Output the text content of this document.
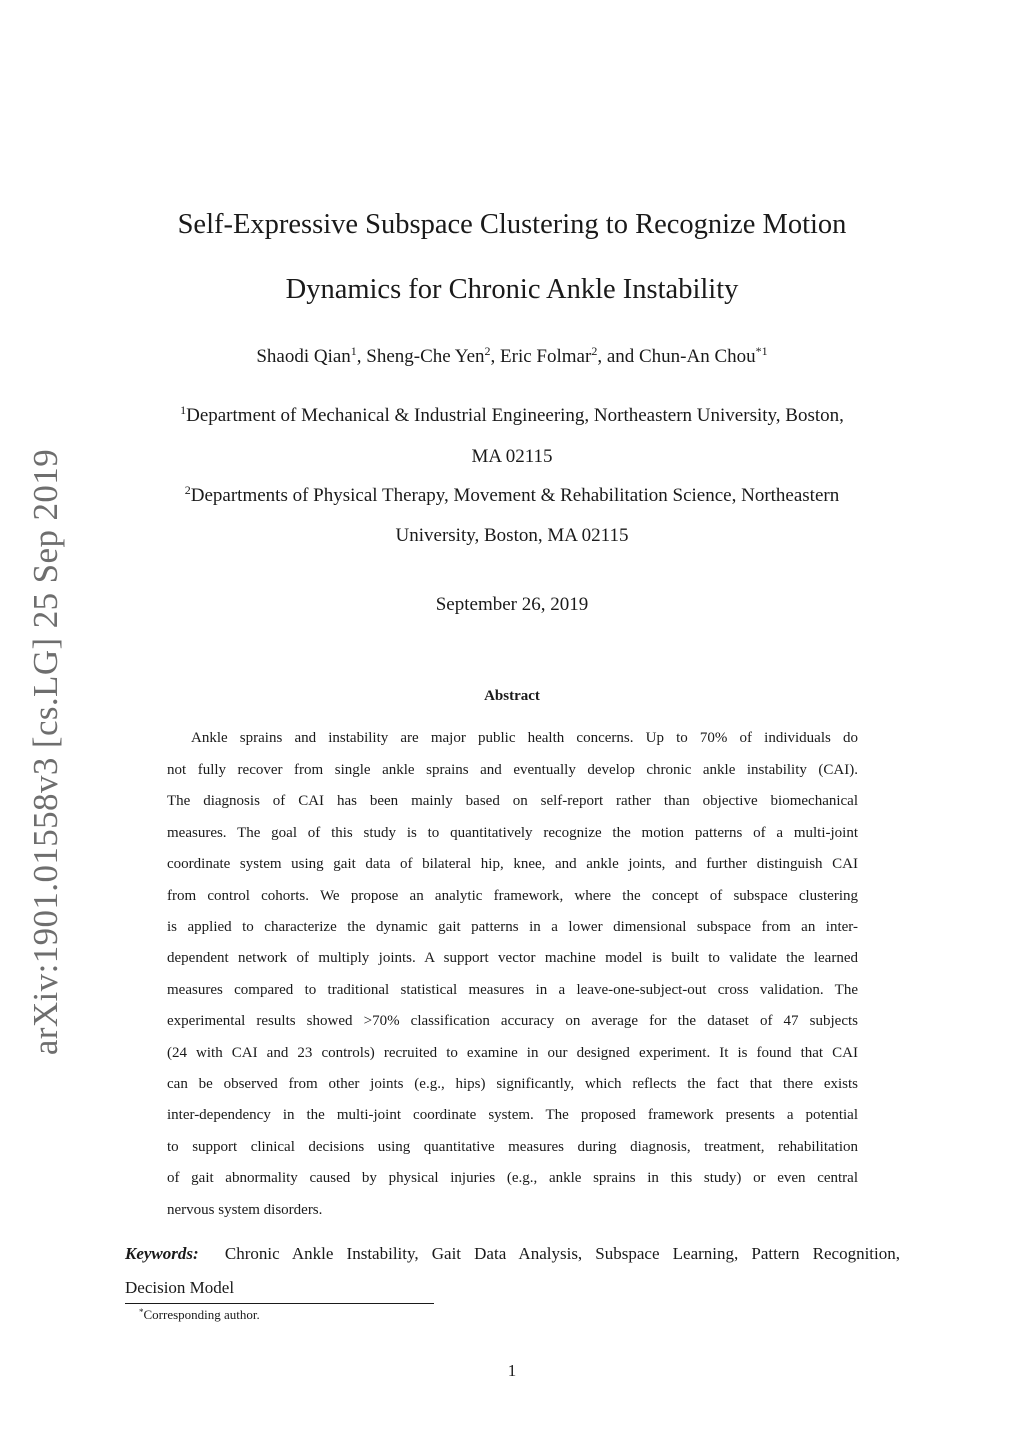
arXiv:1901.01558v3 [cs.LG] 25 Sep 2019
Self-Expressive Subspace Clustering to Recognize Motion
Dynamics for Chronic Ankle Instability
Shaodi Qian$^1$, Sheng-Che Yen$^2$, Eric Folmar$^2$, and Chun-An Chou$^{*1}$
$^1$Department of Mechanical & Industrial Engineering, Northeastern University, Boston,
MA 02115
$^2$Departments of Physical Therapy, Movement & Rehabilitation Science, Northeastern
University, Boston, MA 02115
September 26, 2019
Abstract
Ankle sprains and instability are major public health concerns. Up to 70% of individuals do
not fully recover from single ankle sprains and eventually develop chronic ankle instability (CAI).
The diagnosis of CAI has been mainly based on self-report rather than objective biomechanical
measures. The goal of this study is to quantitatively recognize the motion patterns of a multi-joint
coordinate system using gait data of bilateral hip, knee, and ankle joints, and further distinguish CAI
from control cohorts. We propose an analytic framework, where the concept of subspace clustering
is applied to characterize the dynamic gait patterns in a lower dimensional subspace from an inter-
dependent network of multiply joints. A support vector machine model is built to validate the learned
measures compared to traditional statistical measures in a leave-one-subject-out cross validation. The
experimental results showed >70% classification accuracy on average for the dataset of 47 subjects
(24 with CAI and 23 controls) recruited to examine in our designed experiment. It is found that CAI
can be observed from other joints (e.g., hips) significantly, which reflects the fact that there exists
inter-dependency in the multi-joint coordinate system. The proposed framework presents a potential
to support clinical decisions using quantitative measures during diagnosis, treatment, rehabilitation
of gait abnormality caused by physical injuries (e.g., ankle sprains in this study) or even central
nervous system disorders.
Keywords: Chronic Ankle Instability, Gait Data Analysis, Subspace Learning, Pattern Recognition,
Decision Model
*Corresponding author.
1
